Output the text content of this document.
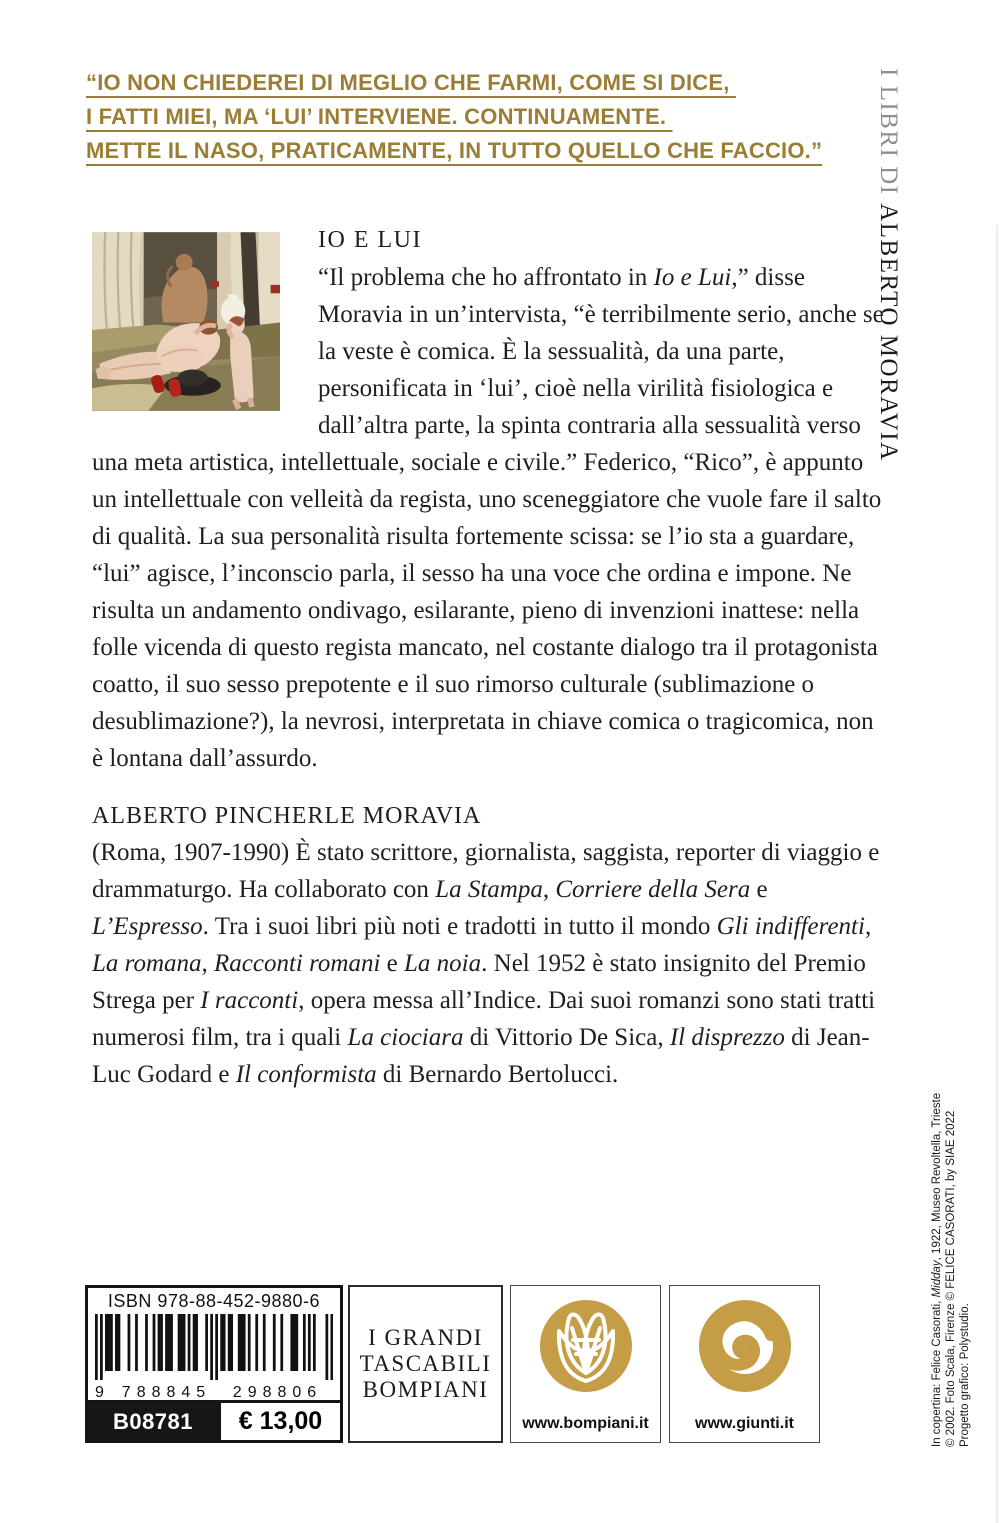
“IO NON CHIEDEREI DI MEGLIO CHE FARMI, COME SI DICE,
I FATTI MIEI, MA ‘LUI’ INTERVIENE. CONTINUAMENTE.
METTE IL NASO, PRATICAMENTE, IN TUTTO QUELLO CHE FACCIO.”	I LIBRI DI ALBERTO MORAVIA
IO E LUI

“Il problema che ho affrontato in Io e Lui,” disse Moravia in un’intervista, “è terribilmente serio, anche se la veste è comica. È la sessualità, da una parte, personificata in ‘lui’, cioè nella virilità fisiologica e dall’altra parte, la spinta contraria alla sessualità verso una meta artistica, intellettuale, sociale e civile.” Federico, “Rico”, è appunto un intellettuale con velleità da regista, uno sceneggiatore che vuole fare il salto di qualità. La sua personalità risulta fortemente scissa: se l’io sta a guardare, “lui” agisce, l’inconscio parla, il sesso ha una voce che ordina e impone. Ne risulta un andamento ondivago, esilarante, pieno di invenzioni inattese: nella folle vicenda di questo regista mancato, nel costante dialogo tra il protagonista coatto, il suo sesso prepotente e il suo rimorso culturale (sublimazione o desublimazione?), la nevrosi, interpretata in chiave comica o tragicomica, non è lontana dall’assurdo.

ALBERTO PINCHERLE MORAVIA

(Roma, 1907-1990) È stato scrittore, giornalista, saggista, reporter di viaggio e drammaturgo. Ha collaborato con La Stampa, Corriere della Sera e L’Espresso. Tra i suoi libri più noti e tradotti in tutto il mondo Gli indifferenti, La romana, Racconti romani e La noia. Nel 1952 è stato insignito del Premio Strega per I racconti, opera messa all’Indice. Dai suoi romanzi sono stati tratti numerosi film, tra i quali La ciociara di Vittorio De Sica, Il disprezzo di Jean-Luc Godard e Il conformista di Bernardo Bertolucci.

In copertina: Felice Casorati, Midday, 1922, Museo Revoltella, Trieste © 2002. Foto Scala, Firenze © FELICE CASORATI, by SIAE 2022 Progetto grafico: Polystudio.
ISBN 978-88-452-9880-6
9	788845	298806
B08781	€ 13,00
I GRANDI
TASCABILI
BOMPIANI
www.bompiani.it	www.giunti.it
